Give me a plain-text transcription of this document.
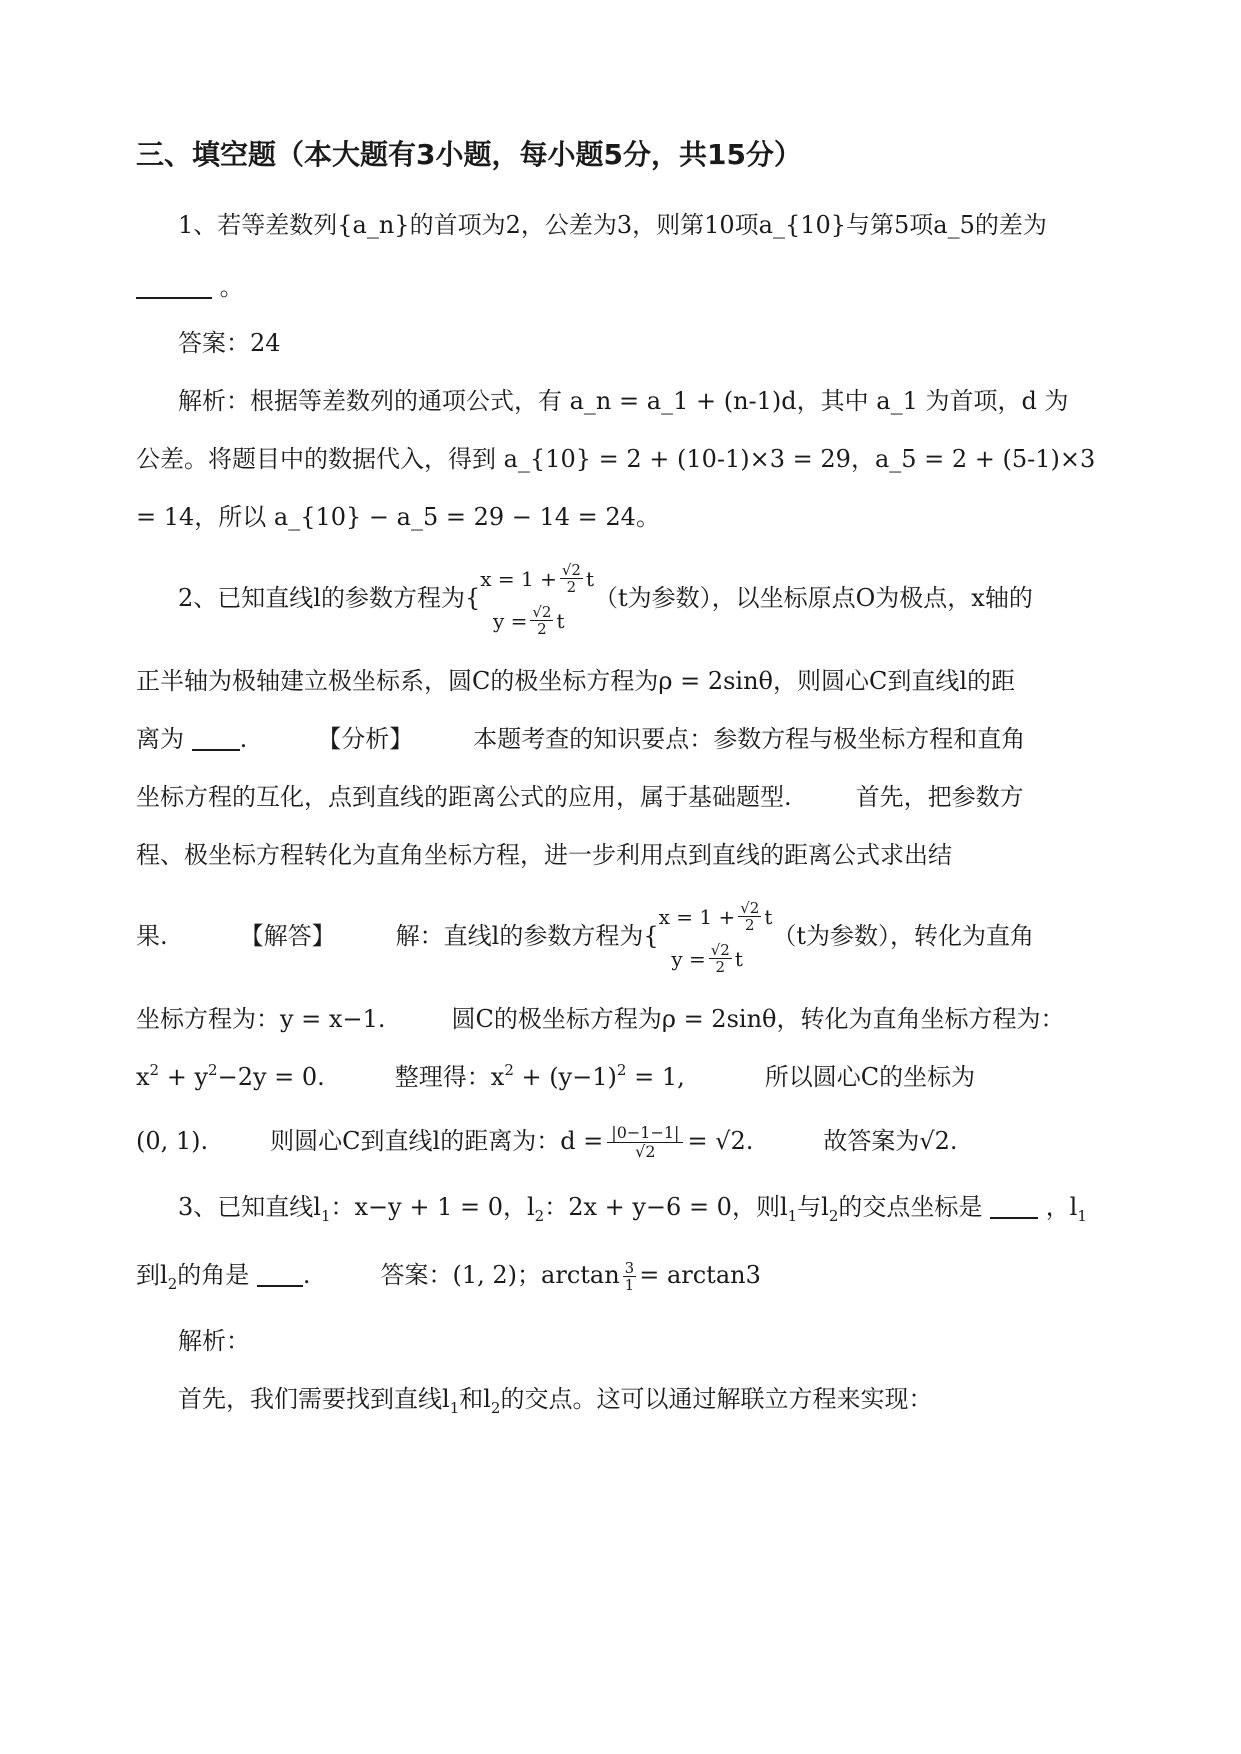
三、填空题（本大题有3小题，每小题5分，共15分）
1、若等差数列{a_n}的首项为2，公差为3，则第10项a_{10}与第5项a_5的差为
。
答案：24
解析：根据等差数列的通项公式，有 a_n = a_1 + (n-1)d，其中 a_1 为首项，d 为
公差。将题目中的数据代入，得到 a_{10} = 2 + (10-1)×3 = 29，a_5 = 2 + (5-1)×3
= 14，所以 a_{10} − a_5 = 29 − 14 = 24。
2、已知直线l的参数方程为{
x =
$1 + \frac{√2}{2}$ t

$y = \frac{√2}{2}$ t
（t为参数），以坐标原点O为极点，x轴的
正半轴为极轴建立极坐标系，圆C的极坐标方程为ρ = 2sinθ，则圆心C到直线l的距
离为 .	【分析】	本题考查的知识要点：参数方程与极坐标方程和直角
坐标方程的互化，点到直线的距离公式的应用，属于基础题型.	首先，把参数方
程、极坐标方程转化为直角坐标方程，进一步利用点到直线的距离公式求出结
果.	【解答】	解：直线l的参数方程为{
x =
$1 + \frac{√2}{2}$ t

$y = \frac{√2}{2}$ t
（t为参数），转化为直角
坐标方程为：y = x−1.	圆C的极坐标方程为ρ = 2sinθ，转化为直角坐标方程为：
$x^2 + y^2-2y = 0$.	整理得：$x^2 + (y-1)^2 = 1$,	所以圆心C的坐标为
(0, 1).	则圆心C到直线l的距离为：$d = \frac{|0-1-1|}{√2} = √2$.	故答案为√2.
3、已知直线$l_1$：x−y + 1 = 0，$l_2$：2x + y−6 = 0，则$l_1$与$l_2$的交点坐标是	，$l_1$
到$l_2$的角是 .	答案：(1, 2)；$\arctan \frac{3}{1} = \arctan 3$
解析：
首先，我们需要找到直线$l_1$和$l_2$的交点。这可以通过解联立方程来实现：
